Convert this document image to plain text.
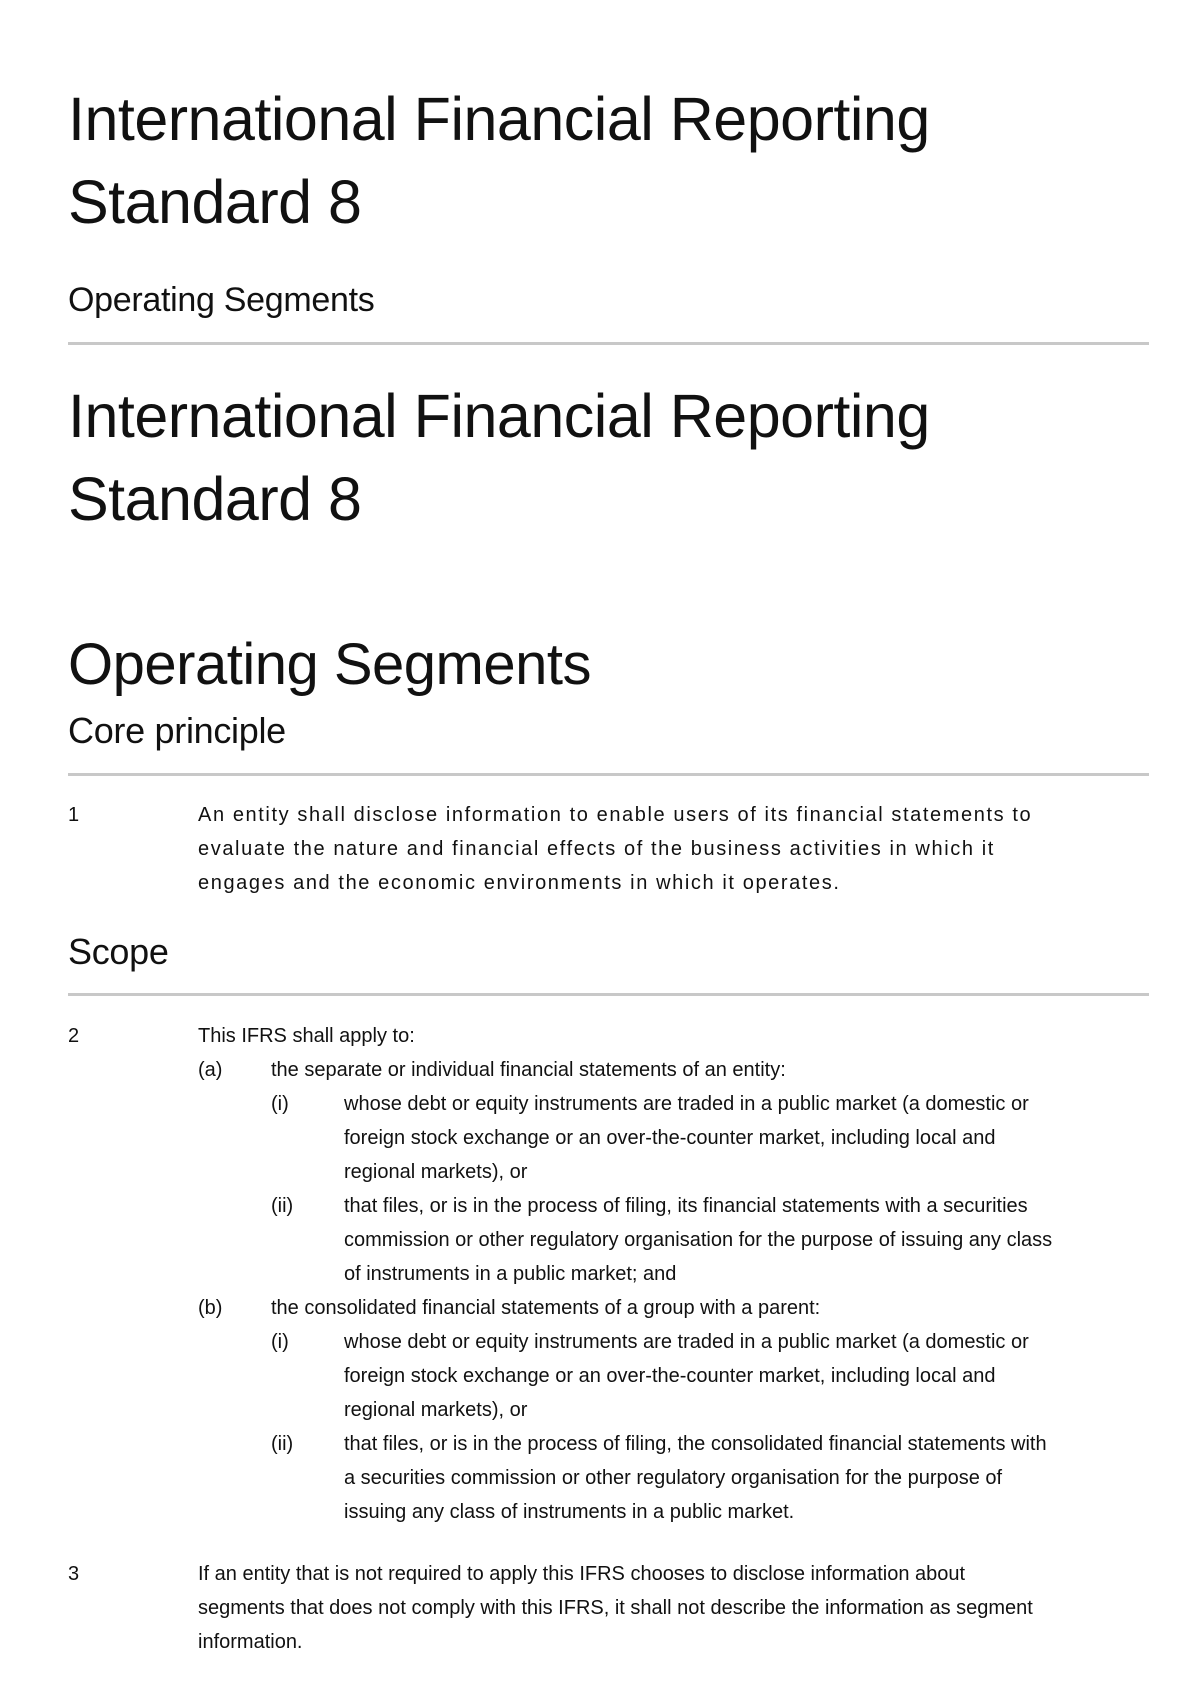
International Financial Reporting
Standard 8
Operating Segments
International Financial Reporting
Standard 8
Operating Segments
Core principle
1	An entity shall disclose information to enable users of its financial statements to
evaluate the nature and financial effects of the business activities in which it
engages and the economic environments in which it operates.
Scope
2	This IFRS shall apply to:
(a) the separate or individual financial statements of an entity:
(i)	whose debt or equity instruments are traded in a public market (a domestic or
foreign stock exchange or an over-the-counter market, including local and
regional markets), or
(ii)	that files, or is in the process of filing, its financial statements with a securities
commission or other regulatory organisation for the purpose of issuing any class
of instruments in a public market; and
(b) the consolidated financial statements of a group with a parent:
(i)	whose debt or equity instruments are traded in a public market (a domestic or
foreign stock exchange or an over-the-counter market, including local and
regional markets), or
(ii)	that files, or is in the process of filing, the consolidated financial statements with
a securities commission or other regulatory organisation for the purpose of
issuing any class of instruments in a public market.
3	If an entity that is not required to apply this IFRS chooses to disclose information about
segments that does not comply with this IFRS, it shall not describe the information as segment
information.
